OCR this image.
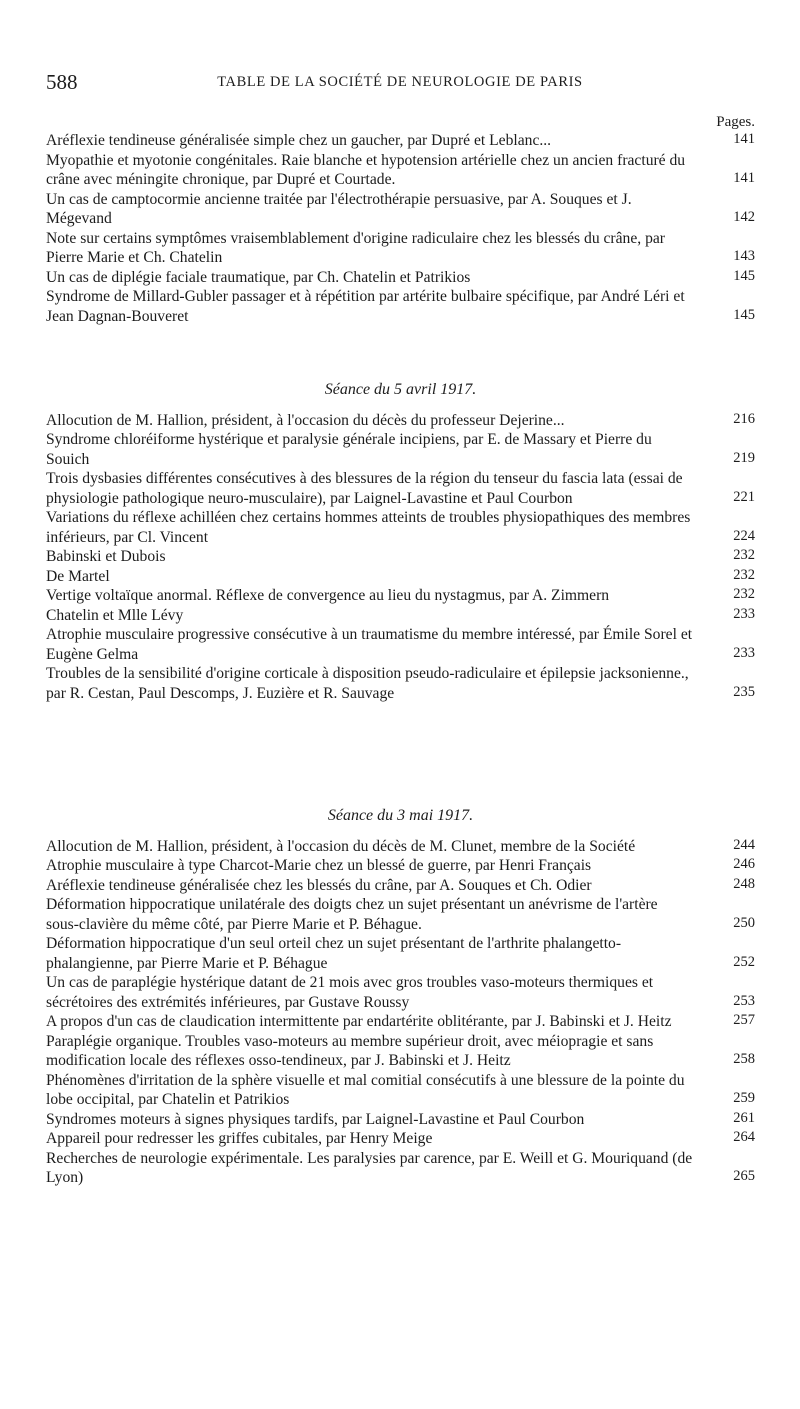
588	TABLE DE LA SOCIÉTÉ DE NEUROLOGIE DE PARIS
Pages.
Aréflexie tendineuse généralisée simple chez un gaucher, par Dupré et Leblanc...	141
Myopathie et myotonie congénitales. Raie blanche et hypotension artérielle chez un ancien fracturé du crâne avec méningite chronique, par Dupré et Courtade.	141
Un cas de camptocormie ancienne traitée par l'électrothérapie persuasive, par A. Souques et J. Mégevand	142
Note sur certains symptômes vraisemblablement d'origine radiculaire chez les blessés du crâne, par Pierre Marie et Ch. Chatelin	143
Un cas de diplégie faciale traumatique, par Ch. Chatelin et Patrikios	145
Syndrome de Millard-Gubler passager et à répétition par artérite bulbaire spécifique, par André Léri et Jean Dagnan-Bouveret	145
Séance du 5 avril 1917.
Allocution de M. Hallion, président, à l'occasion du décès du professeur Dejerine...	216
Syndrome chloréiforme hystérique et paralysie générale incipiens, par E. de Massary et Pierre du Souich	219
Trois dysbasies différentes consécutives à des blessures de la région du tenseur du fascia lata (essai de physiologie pathologique neuro-musculaire), par Laignel-Lavastine et Paul Courbon	221
Variations du réflexe achilléen chez certains hommes atteints de troubles physiopathiques des membres inférieurs, par Cl. Vincent	224
Babinski et Dubois	232
De Martel	232
Vertige voltaïque anormal. Réflexe de convergence au lieu du nystagmus, par A. Zimmern	232
Chatelin et Mlle Lévy	233
Atrophie musculaire progressive consécutive à un traumatisme du membre intéressé, par Émile Sorel et Eugène Gelma	233
Troubles de la sensibilité d'origine corticale à disposition pseudo-radiculaire et épilepsie jacksonienne., par R. Cestan, Paul Descomps, J. Euzière et R. Sauvage	235
Séance du 3 mai 1917.
Allocution de M. Hallion, président, à l'occasion du décès de M. Clunet, membre de la Société	244
Atrophie musculaire à type Charcot-Marie chez un blessé de guerre, par Henri Français	246
Aréflexie tendineuse généralisée chez les blessés du crâne, par A. Souques et Ch. Odier	248
Déformation hippocratique unilatérale des doigts chez un sujet présentant un anévrisme de l'artère sous-clavière du même côté, par Pierre Marie et P. Béhague.	250
Déformation hippocratique d'un seul orteil chez un sujet présentant de l'arthrite phalangetto-phalangienne, par Pierre Marie et P. Béhague	252
Un cas de paraplégie hystérique datant de 21 mois avec gros troubles vaso-moteurs thermiques et sécrétoires des extrémités inférieures, par Gustave Roussy	253
A propos d'un cas de claudication intermittente par endartérite oblitérante, par J. Babinski et J. Heitz	257
Paraplégie organique. Troubles vaso-moteurs au membre supérieur droit, avec méiopragie et sans modification locale des réflexes osso-tendineux, par J. Babinski et J. Heitz	258
Phénomènes d'irritation de la sphère visuelle et mal comitial consécutifs à une blessure de la pointe du lobe occipital, par Chatelin et Patrikios	259
Syndromes moteurs à signes physiques tardifs, par Laignel-Lavastine et Paul Courbon	261
Appareil pour redresser les griffes cubitales, par Henry Meige	264
Recherches de neurologie expérimentale. Les paralysies par carence, par E. Weill et G. Mouriquand (de Lyon)	265
